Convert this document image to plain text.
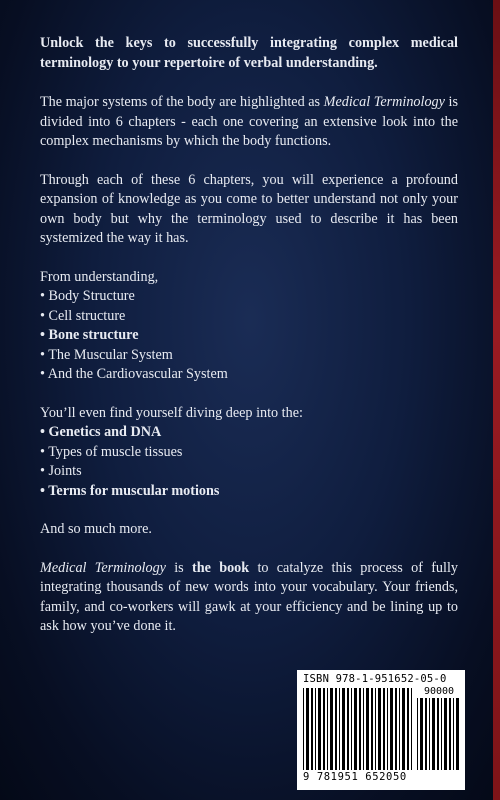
Unlock the keys to successfully integrating complex medical terminology to your repertoire of verbal understanding.

The major systems of the body are highlighted as Medical Terminology is divided into 6 chapters - each one covering an extensive look into the complex mechanisms by which the body functions.

Through each of these 6 chapters, you will experience a profound expansion of knowledge as you come to better understand not only your own body but why the terminology used to describe it has been systemized the way it has.

From understanding,
• Body Structure
• Cell structure
• Bone structure
• The Muscular System
• And the Cardiovascular System
You’ll even find yourself diving deep into the:
• Genetics and DNA
• Types of muscle tissues
• Joints
• Terms for muscular motions

And so much more.

Medical Terminology is the book to catalyze this process of fully integrating thousands of new words into your vocabulary. Your friends, family, and co-workers will gawk at your efficiency and be lining up to ask how you’ve done it.

ISBN 978-1-951652-05-0
90000
9 781951 652050
